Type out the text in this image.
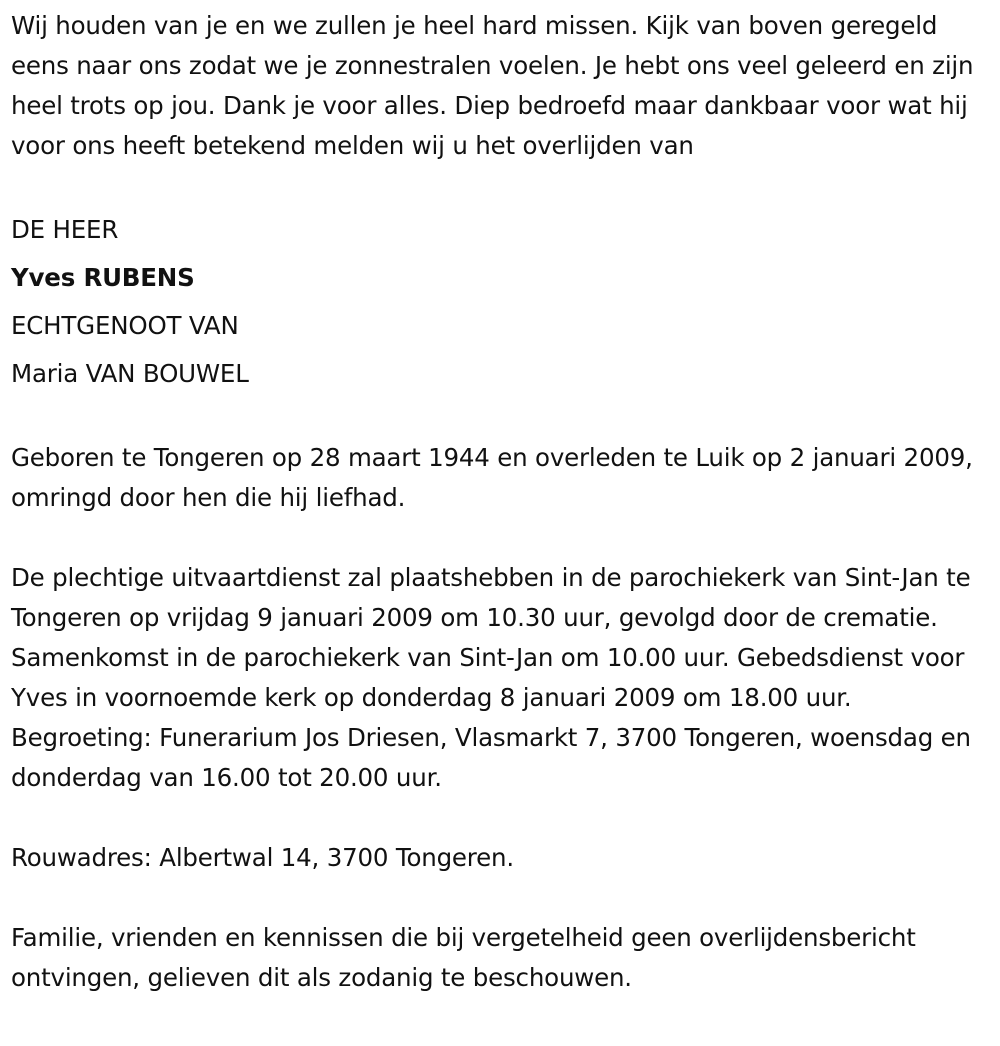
Wij houden van je en we zullen je heel hard missen. Kijk van boven geregeld eens naar ons zodat we je zonnestralen voelen. Je hebt ons veel geleerd en zijn heel trots op jou. Dank je voor alles. Diep bedroefd maar dankbaar voor wat hij voor ons heeft betekend melden wij u het overlijden van

DE HEER
Yves RUBENS
ECHTGENOOT VAN
Maria VAN BOUWEL

Geboren te Tongeren op 28 maart 1944 en overleden te Luik op 2 januari 2009, omringd door hen die hij liefhad.

De plechtige uitvaartdienst zal plaatshebben in de parochiekerk van Sint-Jan te Tongeren op vrijdag 9 januari 2009 om 10.30 uur, gevolgd door de crematie. Samenkomst in de parochiekerk van Sint-Jan om 10.00 uur. Gebedsdienst voor Yves in voornoemde kerk op donderdag 8 januari 2009 om 18.00 uur. Begroeting: Funerarium Jos Driesen, Vlasmarkt 7, 3700 Tongeren, woensdag en donderdag van 16.00 tot 20.00 uur.

Rouwadres: Albertwal 14, 3700 Tongeren.

Familie, vrienden en kennissen die bij vergetelheid geen overlijdensbericht ontvingen, gelieven dit als zodanig te beschouwen.
